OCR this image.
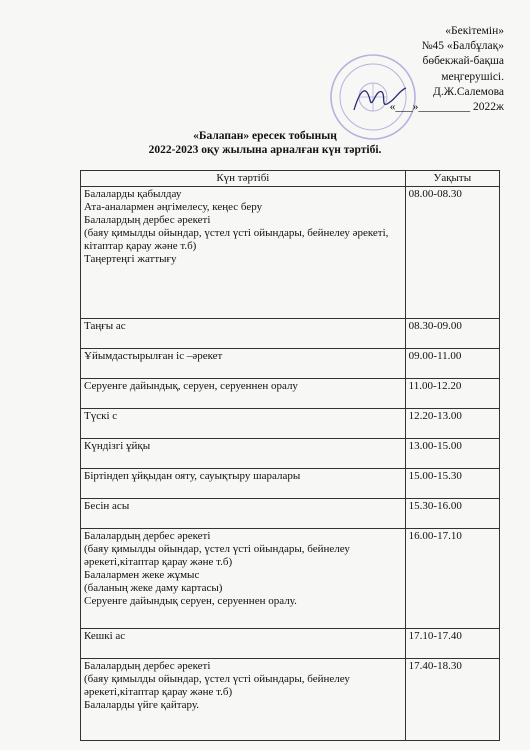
«Бекітемін»
№45 «Балбұлақ»
бөбекжай-бақша
меңгерушісі.
Д.Ж.Салемова
«___»_________ 2022ж
«Балапан» ересек тобының
2022-2023 оқу жылына арналған күн тәртібі.
Күн тәртібі	Уақыты

Балаларды қабылдау
Ата-аналармен әңгімелесу, кеңес беру
Балалардың дербес әрекеті
(баяу қимылды ойындар, үстел үсті ойындары, бейнелеу әрекеті, кітаптар қарау және т.б)
Таңертеңгі жаттығу	08.00-08.30

Таңғы ас	08.30-09.00

Ұйымдастырылған іс –әрекет	09.00-11.00

Серуенге дайындық, серуен, серуеннен оралу	11.00-12.20

Түскі с	12.20-13.00

Күндізгі ұйқы	13.00-15.00

Біртіндеп ұйқыдан ояту, сауықтыру шаралары	15.00-15.30

Бесін асы	15.30-16.00

Балалардың дербес әрекеті
(баяу қимылды ойындар, үстел үсті ойындары, бейнелеу әрекеті,кітаптар қарау және т.б)
Балалармен жеке жұмыс
(баланың жеке даму картасы)
Серуенге дайындық серуен, серуеннен оралу.	16.00-17.10

Кешкі ас	17.10-17.40

Балалардың дербес әрекеті
(баяу қимылды ойындар, үстел үсті ойындары, бейнелеу әрекеті,кітаптар қарау және т.б)
Балаларды үйге қайтару.	17.40-18.30
